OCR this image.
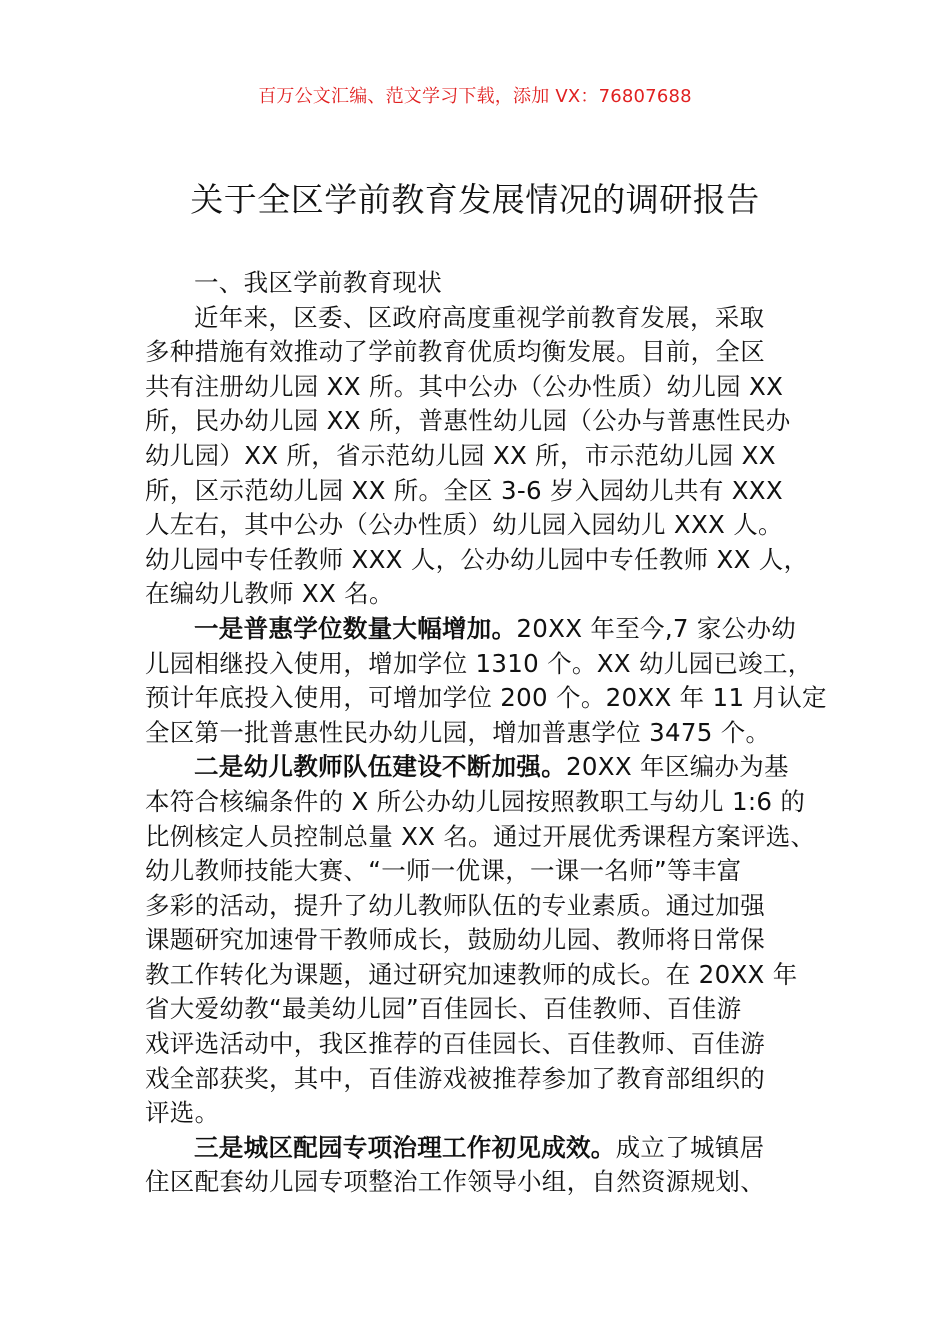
百万公文汇编、范文学习下载，添加 VX：76807688
关于全区学前教育发展情况的调研报告
一、我区学前教育现状
近年来，区委、区政府高度重视学前教育发展，采取
多种措施有效推动了学前教育优质均衡发展。目前，全区
共有注册幼儿园 XX 所。其中公办（公办性质）幼儿园 XX
所，民办幼儿园 XX 所，普惠性幼儿园（公办与普惠性民办
幼儿园）XX 所，省示范幼儿园 XX 所，市示范幼儿园 XX
所，区示范幼儿园 XX 所。全区 3-6 岁入园幼儿共有 XXX
人左右，其中公办（公办性质）幼儿园入园幼儿 XXX 人。
幼儿园中专任教师 XXX 人，公办幼儿园中专任教师 XX 人，
在编幼儿教师 XX 名。
一是普惠学位数量大幅增加。20XX 年至今,7 家公办幼
儿园相继投入使用，增加学位 1310 个。XX 幼儿园已竣工，
预计年底投入使用，可增加学位 200 个。20XX 年 11 月认定
全区第一批普惠性民办幼儿园，增加普惠学位 3475 个。
二是幼儿教师队伍建设不断加强。20XX 年区编办为基
本符合核编条件的 X 所公办幼儿园按照教职工与幼儿 1:6 的
比例核定人员控制总量 XX 名。通过开展优秀课程方案评选、
幼儿教师技能大赛、“一师一优课，一课一名师”等丰富
多彩的活动，提升了幼儿教师队伍的专业素质。通过加强
课题研究加速骨干教师成长，鼓励幼儿园、教师将日常保
教工作转化为课题，通过研究加速教师的成长。在 20XX 年
省大爱幼教“最美幼儿园”百佳园长、百佳教师、百佳游
戏评选活动中，我区推荐的百佳园长、百佳教师、百佳游
戏全部获奖，其中，百佳游戏被推荐参加了教育部组织的
评选。
三是城区配园专项治理工作初见成效。成立了城镇居
住区配套幼儿园专项整治工作领导小组，自然资源规划、
